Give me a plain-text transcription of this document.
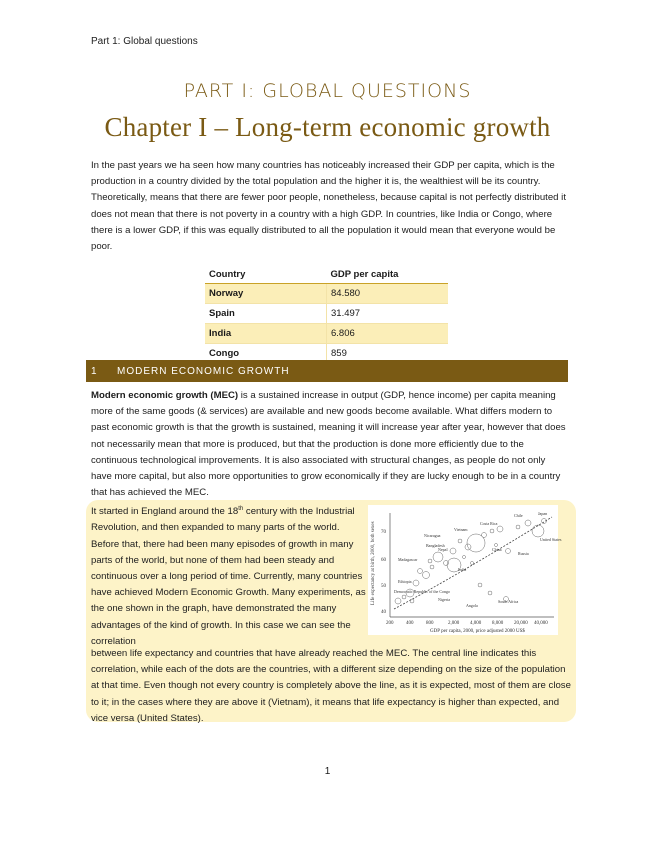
Part 1: Global questions
PART I: GLOBAL QUESTIONS
Chapter I – Long-term economic growth
In the past years we ha seen how many countries has noticeably increased their GDP per capita, which is the production in a country divided by the total population and the higher it is, the wealthiest will be its country. Theoretically, means that there are fewer poor people, nonetheless, because capital is not perfectly distributed it does not mean that there is not poverty in a country with a high GDP. In countries, like India or Congo, where there is a lower GDP, if this was equally distributed to all the population it would mean that everyone would be poor.
Country	GDP per capita
Norway	84.580
Spain	31.497
India	6.806
Congo	859
1	MODERN ECONOMIC GROWTH
Modern economic growth (MEC) is a sustained increase in output (GDP, hence income) per capita meaning more of the same goods (& services) are available and new goods become available. What differs modern to past economic growth is that the growth is sustained, meaning it will increase year after year, however that does not necessarily mean that more is produced, but that the production is done more efficiently due to the continuous technological improvements. It is also associated with structural changes, as people do not only have more capital, but also more opportunities to grow economically if they are lucky enough to be in a country that has achieved the MEC.
It started in England around the 18th century with the Industrial Revolution, and then expanded to many parts of the world. Before that, there had been many episodes of growth in many parts of the world, but none of them had been steady and continuous over a long period of time. Currently, many countries have achieved Modern Economic Growth. Many experiments, as the one shown in the graph, have demonstrated the many advantages of the kind of growth. In this case we can see the correlation
between life expectancy and countries that have already reached the MEC. The central line indicates this correlation, while each of the dots are the countries, with a different size depending on the size of the population at that time. Even though not every country is completely above the line, as it is expected, most of them are close to it; in the cases where they are above it (Vietnam), it means that life expectancy is higher than expected, and vice versa (United States).
40
50
60
70
200	400	800	2,000 4,000 8,000 20,000 40,000
GDP per capita, 2000, price adjusted 2000 US$
Life expectancy at birth, 2000, both sexes
Japan
Chile
Costa Rica
Vietnam
Nicaragua
Bangladesh
Nepal	China
Russia
United States
Madagascar
India
Ethiopia
Democratic Republic of the Congo
Nigeria	South Africa
Angola
1
